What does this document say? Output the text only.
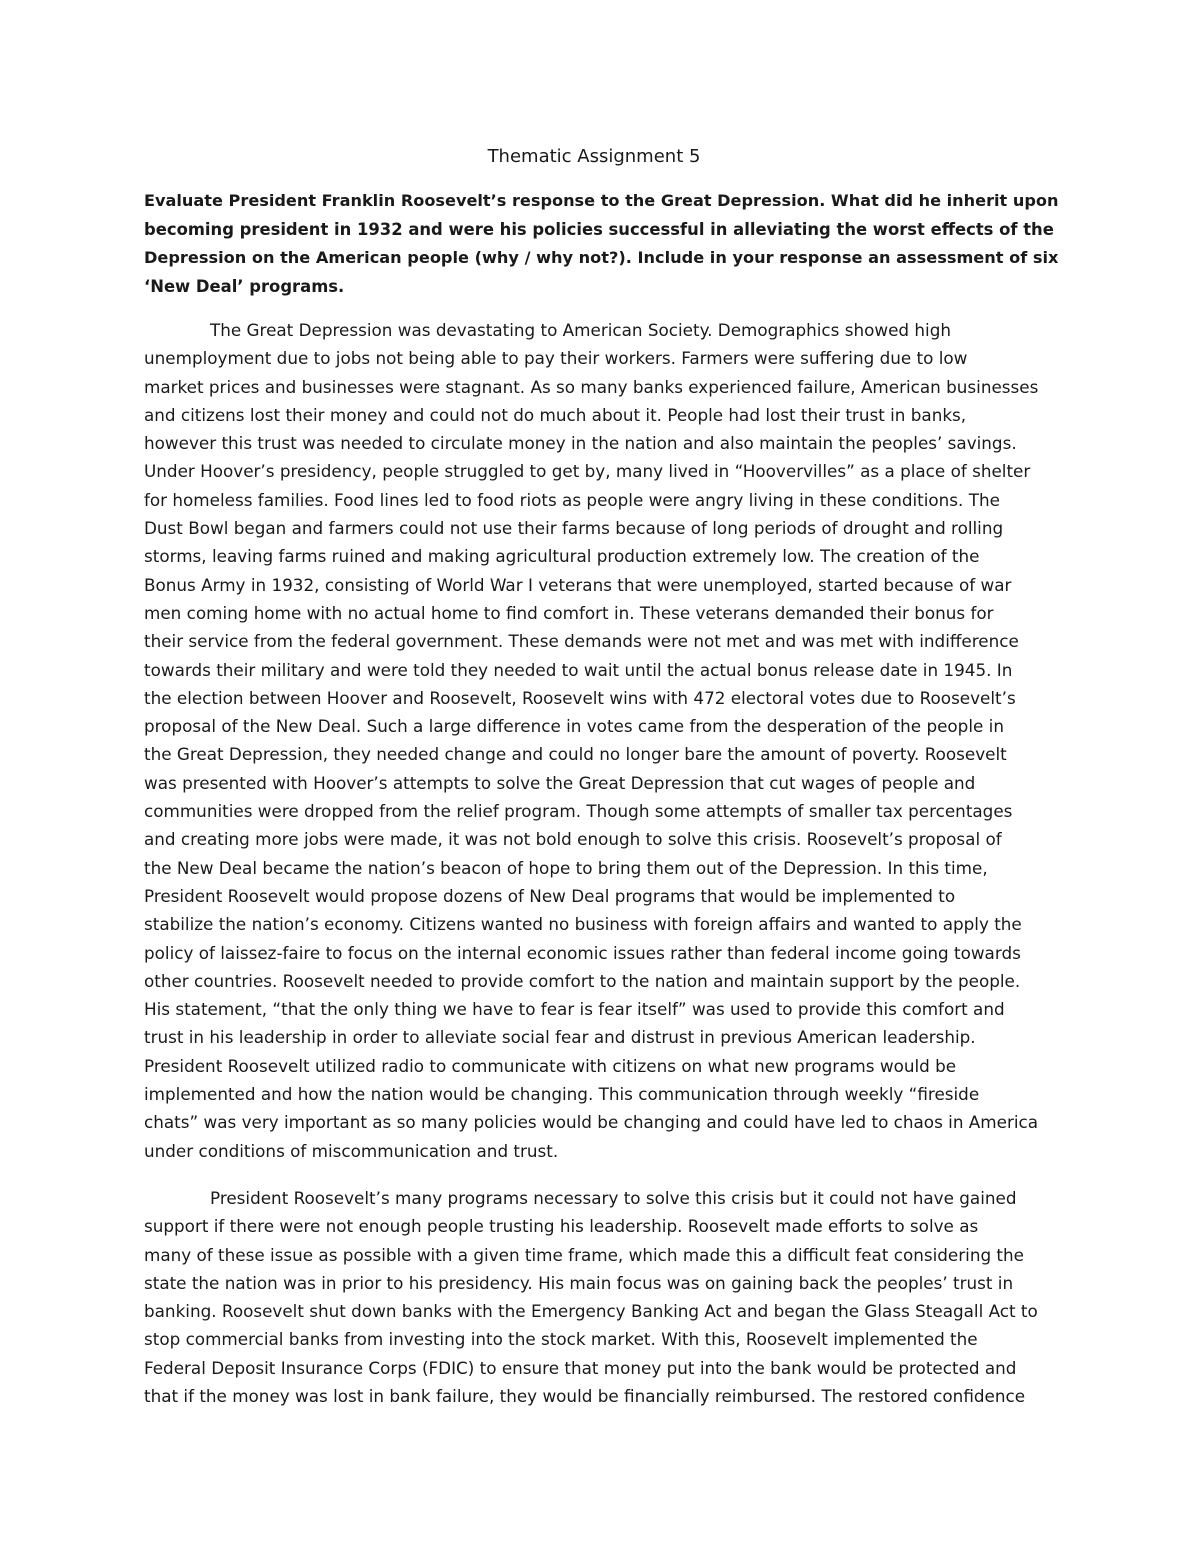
Thematic Assignment 5
Evaluate President Franklin Roosevelt’s response to the Great Depression. What did he inherit upon
becoming president in 1932 and were his policies successful in alleviating the worst effects of the
Depression on the American people (why / why not?). Include in your response an assessment of six
‘New Deal’ programs.
The Great Depression was devastating to American Society. Demographics showed high
unemployment due to jobs not being able to pay their workers. Farmers were suffering due to low
market prices and businesses were stagnant. As so many banks experienced failure, American businesses
and citizens lost their money and could not do much about it. People had lost their trust in banks,
however this trust was needed to circulate money in the nation and also maintain the peoples’ savings.
Under Hoover’s presidency, people struggled to get by, many lived in “Hoovervilles” as a place of shelter
for homeless families. Food lines led to food riots as people were angry living in these conditions. The
Dust Bowl began and farmers could not use their farms because of long periods of drought and rolling
storms, leaving farms ruined and making agricultural production extremely low. The creation of the
Bonus Army in 1932, consisting of World War I veterans that were unemployed, started because of war
men coming home with no actual home to find comfort in. These veterans demanded their bonus for
their service from the federal government. These demands were not met and was met with indifference
towards their military and were told they needed to wait until the actual bonus release date in 1945. In
the election between Hoover and Roosevelt, Roosevelt wins with 472 electoral votes due to Roosevelt’s
proposal of the New Deal. Such a large difference in votes came from the desperation of the people in
the Great Depression, they needed change and could no longer bare the amount of poverty. Roosevelt
was presented with Hoover’s attempts to solve the Great Depression that cut wages of people and
communities were dropped from the relief program. Though some attempts of smaller tax percentages
and creating more jobs were made, it was not bold enough to solve this crisis. Roosevelt’s proposal of
the New Deal became the nation’s beacon of hope to bring them out of the Depression. In this time,
President Roosevelt would propose dozens of New Deal programs that would be implemented to
stabilize the nation’s economy. Citizens wanted no business with foreign affairs and wanted to apply the
policy of laissez-faire to focus on the internal economic issues rather than federal income going towards
other countries. Roosevelt needed to provide comfort to the nation and maintain support by the people.
His statement, “that the only thing we have to fear is fear itself” was used to provide this comfort and
trust in his leadership in order to alleviate social fear and distrust in previous American leadership.
President Roosevelt utilized radio to communicate with citizens on what new programs would be
implemented and how the nation would be changing. This communication through weekly “fireside
chats” was very important as so many policies would be changing and could have led to chaos in America
under conditions of miscommunication and trust.
President Roosevelt’s many programs necessary to solve this crisis but it could not have gained
support if there were not enough people trusting his leadership. Roosevelt made efforts to solve as
many of these issue as possible with a given time frame, which made this a difficult feat considering the
state the nation was in prior to his presidency. His main focus was on gaining back the peoples’ trust in
banking. Roosevelt shut down banks with the Emergency Banking Act and began the Glass Steagall Act to
stop commercial banks from investing into the stock market. With this, Roosevelt implemented the
Federal Deposit Insurance Corps (FDIC) to ensure that money put into the bank would be protected and
that if the money was lost in bank failure, they would be financially reimbursed. The restored confidence
